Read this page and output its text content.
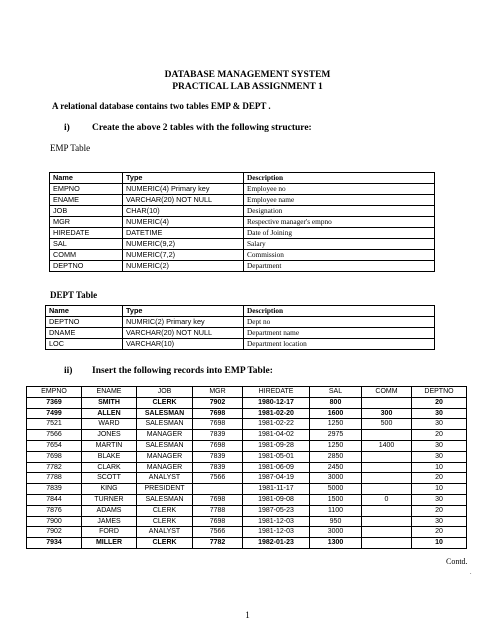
DATABASE MANAGEMENT SYSTEM
PRACTICAL LAB ASSIGNMENT 1
A relational database contains two tables EMP & DEPT .
i) Create the above 2 tables with the following structure:
EMP Table
Name	Type	Description
EMPNO	NUMERIC(4) Primary key	Employee no
ENAME	VARCHAR(20) NOT NULL	Employee name
JOB	CHAR(10)	Designation
MGR	NUMERIC(4)	Respective manager's empno
HIREDATE	DATETIME	Date of Joining
SAL	NUMERIC(9,2)	Salary
COMM	NUMERIC(7,2)	Commission
DEPTNO	NUMERIC(2)	Department
DEPT Table
Name	Type	Description
DEPTNO	NUMRIC(2) Primary key	Dept no
DNAME	VARCHAR(20) NOT NULL	Department name
LOC	VARCHAR(10)	Department location
ii) Insert the following records into EMP Table:
EMPNO	ENAME	JOB	MGR	HIREDATE	SAL	COMM	DEPTNO
7369	SMITH	CLERK	7902	1980-12-17	800		20
7499	ALLEN	SALESMAN	7698	1981-02-20	1600	300	30
7521	WARD	SALESMAN	7698	1981-02-22	1250	500	30
7566	JONES	MANAGER	7839	1981-04-02	2975		20
7654	MARTIN	SALESMAN	7698	1981-09-28	1250	1400	30
7698	BLAKE	MANAGER	7839	1981-05-01	2850		30
7782	CLARK	MANAGER	7839	1981-06-09	2450		10
7788	SCOTT	ANALYST	7566	1987-04-19	3000		20
7839	KING	PRESIDENT		1981-11-17	5000		10
7844	TURNER	SALESMAN	7698	1981-09-08	1500	0	30
7876	ADAMS	CLERK	7788	1987-05-23	1100		20
7900	JAMES	CLERK	7698	1981-12-03	950		30
7902	FORD	ANALYST	7566	1981-12-03	3000		20
7934	MILLER	CLERK	7782	1982-01-23	1300		10
Contd.
.
1
